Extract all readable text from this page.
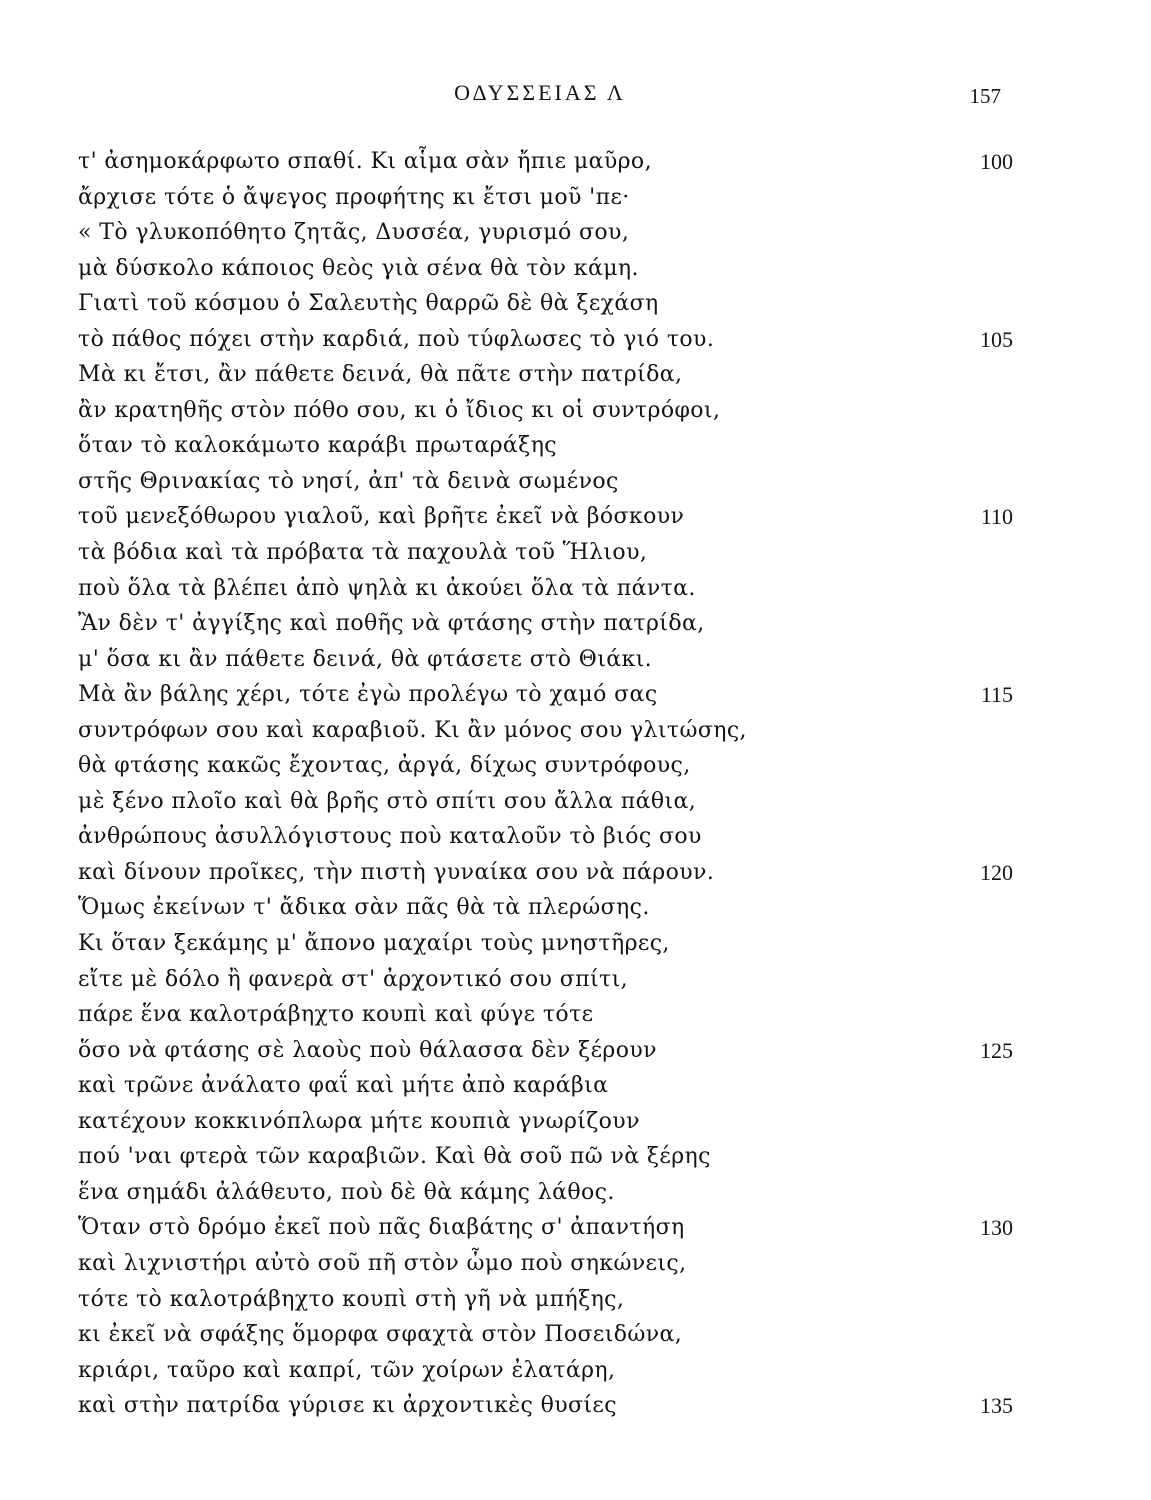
ΟΔΥΣΣΕΙΑΣ Λ	157
τ' ἀσημοκάρφωτο σπαθί. Κι αἷμα σὰν ἤπιε μαῦρο,	100
ἄρχισε τότε ὁ ἄψεγος προφήτης κι ἔτσι μοῦ 'πε·
« Τὸ γλυκοπόθητο ζητᾶς, Δυσσέα, γυρισμό σου,
μὰ δύσκολο κάποιος θεὸς γιὰ σένα θὰ τὸν κάμη.
Γιατὶ τοῦ κόσμου ὁ Σαλευτὴς θαρρῶ δὲ θὰ ξεχάση
τὸ πάθος πόχει στὴν καρδιά, ποὺ τύφλωσες τὸ γιό του.	105
Μὰ κι ἔτσι, ἂν πάθετε δεινά, θὰ πᾶτε στὴν πατρίδα,
ἂν κρατηθῆς στὸν πόθο σου, κι ὁ ἴδιος κι οἱ συντρόφοι,
ὅταν τὸ καλοκάμωτο καράβι πρωταράξης
στῆς Θρινακίας τὸ νησί, ἀπ' τὰ δεινὰ σωμένος
τοῦ μενεξόθωρου γιαλοῦ, καὶ βρῆτε ἐκεῖ νὰ βόσκουν	110
τὰ βόδια καὶ τὰ πρόβατα τὰ παχουλὰ τοῦ Ἥλιου,
ποὺ ὅλα τὰ βλέπει ἀπὸ ψηλὰ κι ἀκούει ὅλα τὰ πάντα.
Ἂν δὲν τ' ἀγγίξης καὶ ποθῆς νὰ φτάσης στὴν πατρίδα,
μ' ὅσα κι ἂν πάθετε δεινά, θὰ φτάσετε στὸ Θιάκι.
Μὰ ἂν βάλης χέρι, τότε ἐγὼ προλέγω τὸ χαμό σας	115
συντρόφων σου καὶ καραβιοῦ. Κι ἂν μόνος σου γλιτώσης,
θὰ φτάσης κακῶς ἔχοντας, ἀργά, δίχως συντρόφους,
μὲ ξένο πλοῖο καὶ θὰ βρῆς στὸ σπίτι σου ἄλλα πάθια,
ἀνθρώπους ἀσυλλόγιστους ποὺ καταλοῦν τὸ βιός σου
καὶ δίνουν προῖκες, τὴν πιστὴ γυναίκα σου νὰ πάρουν.	120
Ὅμως ἐκείνων τ' ἄδικα σὰν πᾶς θὰ τὰ πλερώσης.
Κι ὅταν ξεκάμης μ' ἄπονο μαχαίρι τοὺς μνηστῆρες,
εἴτε μὲ δόλο ἢ φανερὰ στ' ἀρχοντικό σου σπίτι,
πάρε ἕνα καλοτράβηχτο κουπὶ καὶ φύγε τότε
ὅσο νὰ φτάσης σὲ λαοὺς ποὺ θάλασσα δὲν ξέρουν	125
καὶ τρῶνε ἀνάλατο φαΐ καὶ μήτε ἀπὸ καράβια
κατέχουν κοκκινόπλωρα μήτε κουπιὰ γνωρίζουν
πού 'ναι φτερὰ τῶν καραβιῶν. Καὶ θὰ σοῦ πῶ νὰ ξέρης
ἕνα σημάδι ἀλάθευτο, ποὺ δὲ θὰ κάμης λάθος.
Ὅταν στὸ δρόμο ἐκεῖ ποὺ πᾶς διαβάτης σ' ἀπαντήση	130
καὶ λιχνιστήρι αὐτὸ σοῦ πῆ στὸν ὦμο ποὺ σηκώνεις,
τότε τὸ καλοτράβηχτο κουπὶ στὴ γῆ νὰ μπήξης,
κι ἐκεῖ νὰ σφάξης ὅμορφα σφαχτὰ στὸν Ποσειδώνα,
κριάρι, ταῦρο καὶ καπρί, τῶν χοίρων ἐλατάρη,
καὶ στὴν πατρίδα γύρισε κι ἀρχοντικὲς θυσίες	135
